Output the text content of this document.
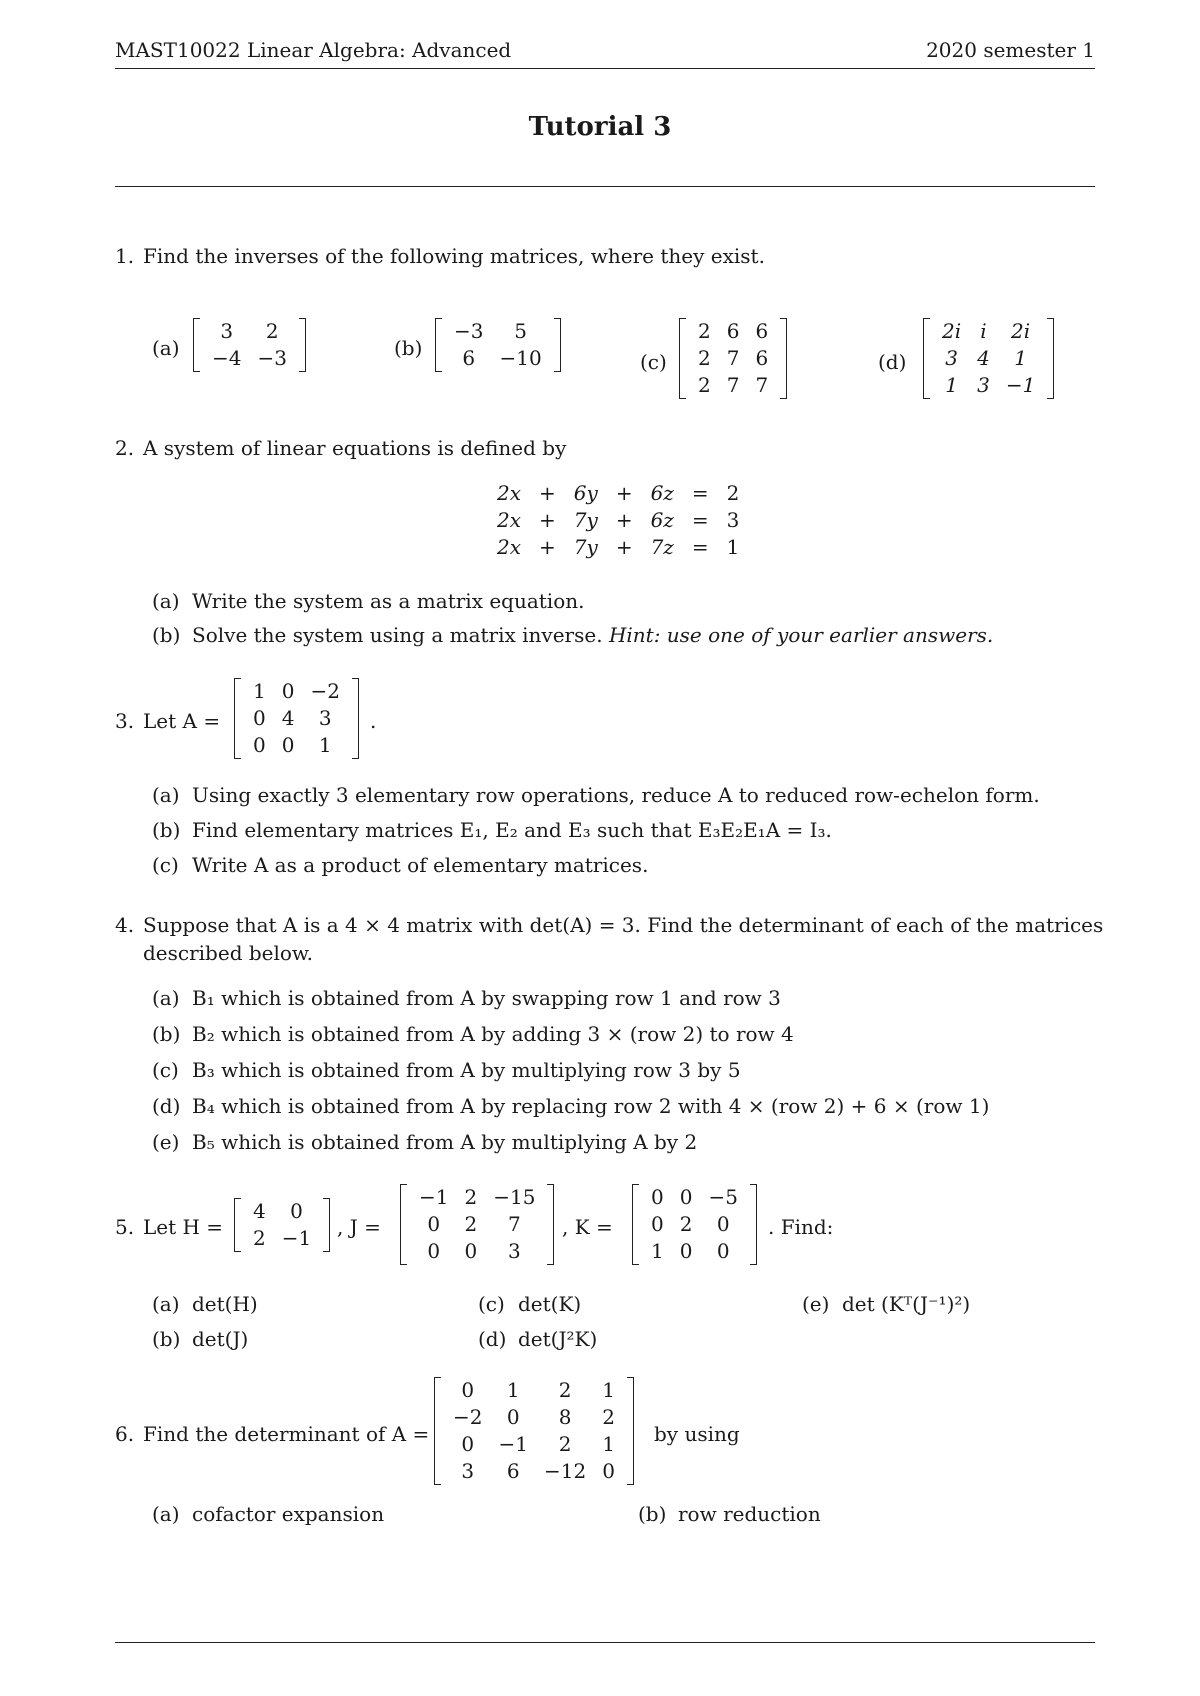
MAST10022 Linear Algebra: Advanced	2020 semester 1
Tutorial 3
1. Find the inverses of the following matrices, where they exist.
(a)
3	2
−4	−3	(b)
−3	5
6	−10	(c)
2	6	6
2	7	6
2	7	7
(d)
2i	i	2i
3	4	1
1	3	−1
2. A system of linear equations is defined by
2x	+	6y	+	6z	=	2
2x	+	7y	+	6z	=	3
2x	+	7y	+	7z	=	1
(a) Write the system as a matrix equation.
(b) Solve the system using a matrix inverse. Hint: use one of your earlier answers.
3. Let A =
1	0	−2
0	4	3
0	0	1
.
(a) Using exactly 3 elementary row operations, reduce A to reduced row-echelon form.
(b) Find elementary matrices E₁, E₂ and E₃ such that E₃E₂E₁A = I₃.
(c) Write A as a product of elementary matrices.
4. Suppose that A is a 4 × 4 matrix with det(A) = 3. Find the determinant of each of the matrices
described below.
(a) B₁ which is obtained from A by swapping row 1 and row 3
(b) B₂ which is obtained from A by adding 3 × (row 2) to row 4
(c) B₃ which is obtained from A by multiplying row 3 by 5
(d) B₄ which is obtained from A by replacing row 2 with 4 × (row 2) + 6 × (row 1)
(e) B₅ which is obtained from A by multiplying A by 2
5. Let H =
4	0
2	−1 , J =
−1	2	−15
0	2	7
0	0	3
, K =
0	0	−5
0	2	0
1	0	0
. Find:
(a) det(H)
(b) det(J)
(c) det(K)
(d) det(J²K)
(e) det (Kᵀ(J⁻¹)²)
6. Find the determinant of A =
0	1	2	1
−2	0	8	2
0	−1	2	1
3	6	−12	0
by using
(a) cofactor expansion	(b) row reduction
